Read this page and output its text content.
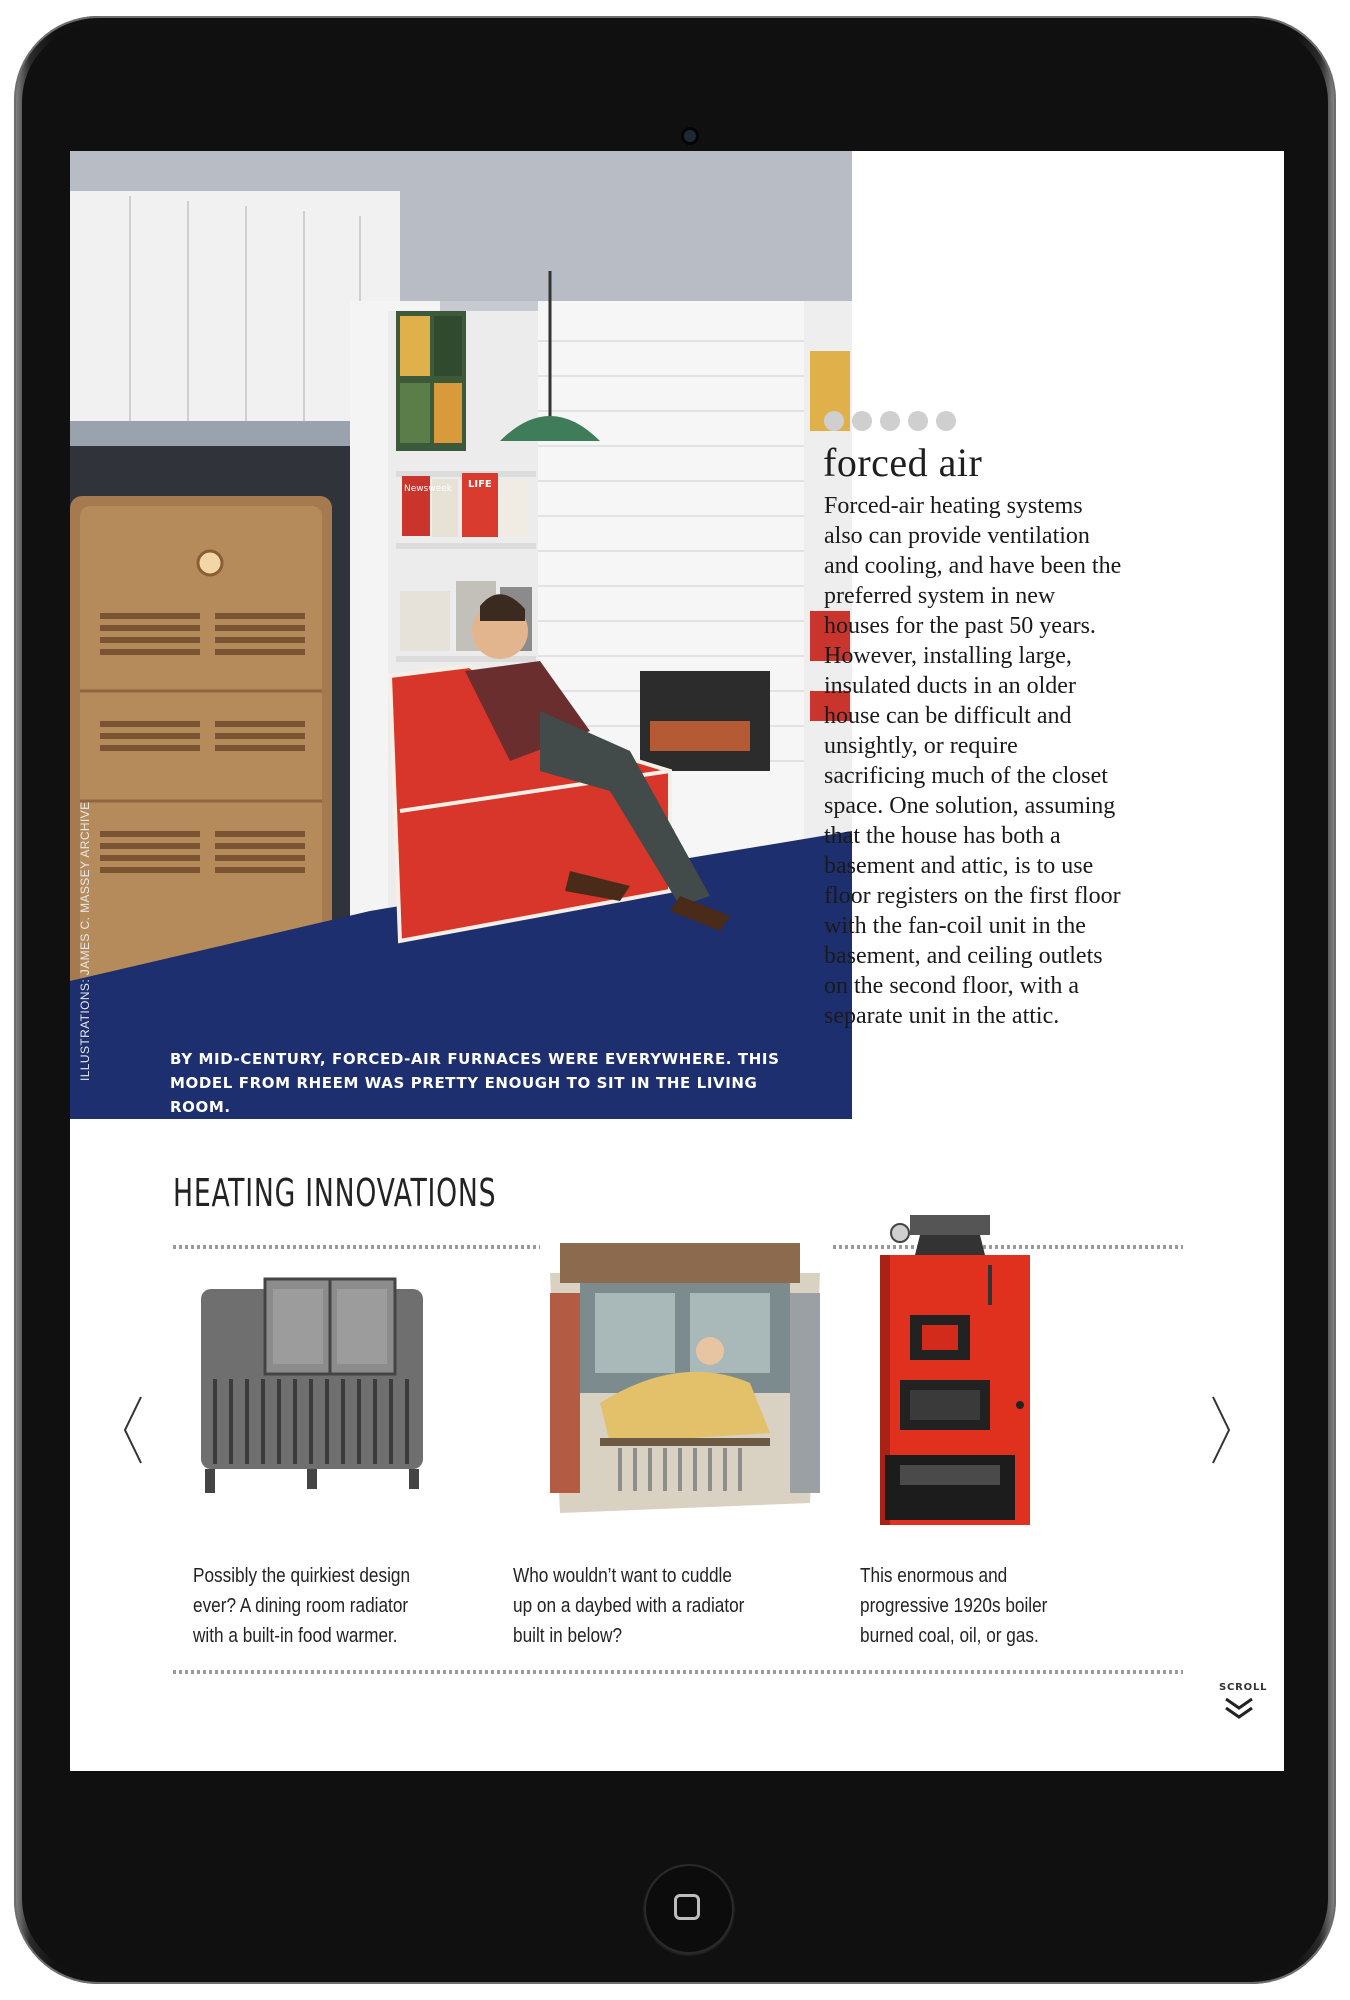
Newsweek LIFE
ILLUSTRATIONS: JAMES C. MASSEY ARCHIVE	BY MID-CENTURY, FORCED-AIR FURNACES WERE EVERYWHERE. THIS MODEL FROM RHEEM WAS PRETTY ENOUGH TO SIT IN THE LIVING ROOM.
forced air
Forced-air heating systems also can provide ventilation and cooling, and have been the preferred system in new houses for the past 50 years. However, installing large, insulated ducts in an older house can be difficult and unsightly, or require sacrificing much of the closet space. One solution, assuming that the house has both a basement and attic, is to use floor registers on the first floor with the fan-coil unit in the basement, and ceiling outlets on the second floor, with a separate unit in the attic.
HEATING INNOVATIONS
Possibly the quirkiest design ever? A dining room radiator with a built-in food warmer.
Who wouldn’t want to cuddle up on a daybed with a radiator built in below?
This enormous and progressive 1920s boiler burned coal, oil, or gas.
SCROLL
